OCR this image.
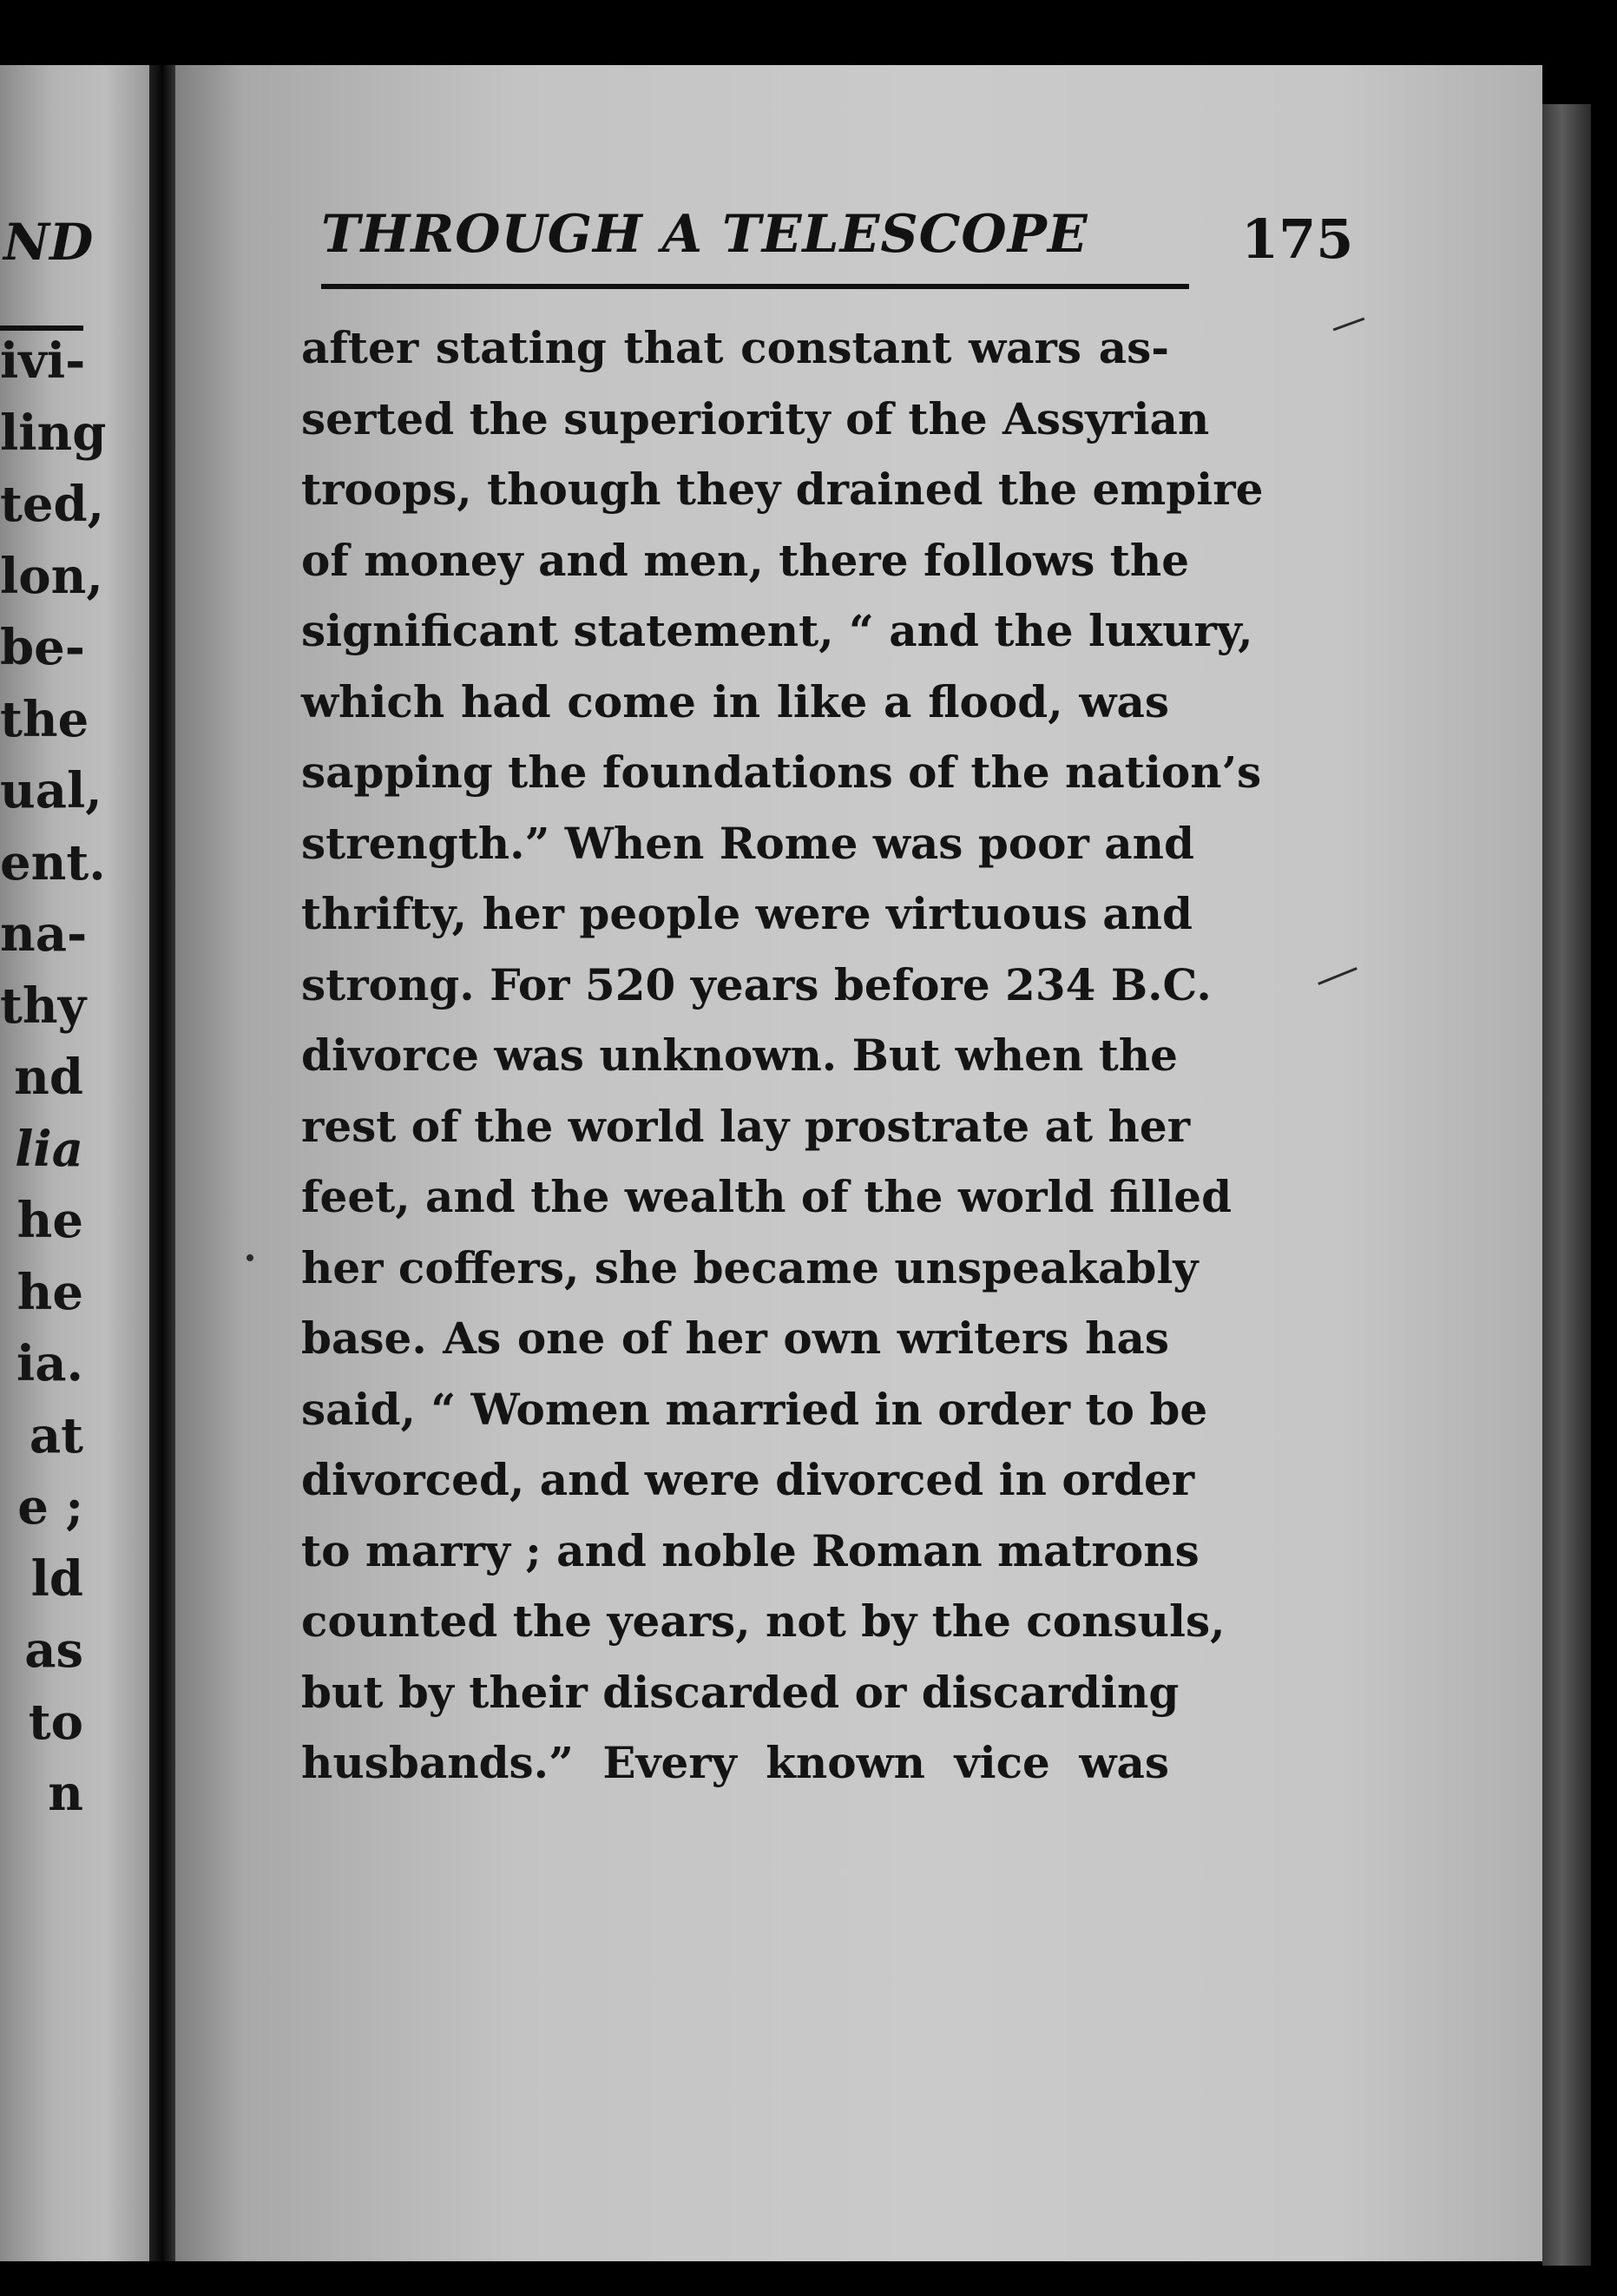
ND
ivi-
ling
ted,
lon,
be-
the
ual,
ent.
na-
thy
nd
lia
he
he
ia.
at
e ;
ld
as
to
n
THROUGH A TELESCOPE	175
after stating that constant wars as-
serted the superiority of the Assyrian
troops, though they drained the empire
of money and men, there follows the
significant statement, “ and the luxury,
which had come in like a flood, was
sapping the foundations of the nation’s
strength.” When Rome was poor and
thrifty, her people were virtuous and
strong. For 520 years before 234 B.C.
divorce was unknown. But when the
rest of the world lay prostrate at her
feet, and the wealth of the world filled
her coffers, she became unspeakably
base. As one of her own writers has
said, “ Women married in order to be
divorced, and were divorced in order
to marry ; and noble Roman matrons
counted the years, not by the consuls,
but by their discarded or discarding
husbands.” Every known vice was
